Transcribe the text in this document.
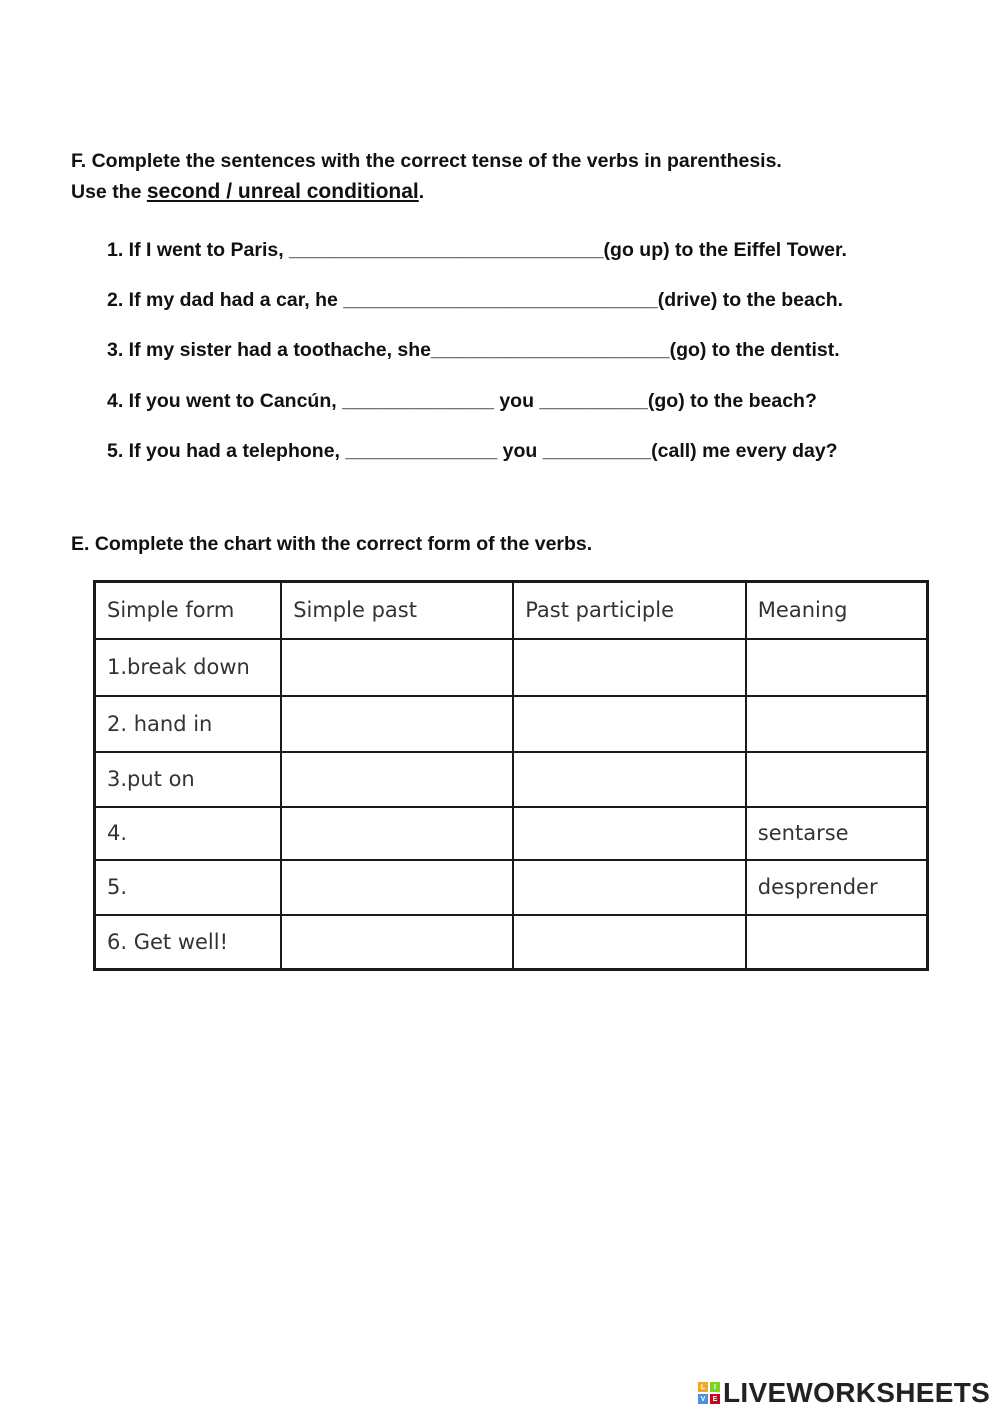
F. Complete the sentences with the correct tense of the verbs in parenthesis.
Use the second / unreal conditional.
1. If I went to Paris, _____________________________(go up) to the Eiffel Tower.
2. If my dad had a car, he _____________________________(drive) to the beach.
3. If my sister had a toothache, she______________________(go) to the dentist.
4. If you went to Cancún, ______________ you __________(go) to the beach?
5. If you had a telephone, ______________ you __________(call) me every day?
E. Complete the chart with the correct form of the verbs.
Simple form	Simple past	Past participle	Meaning
1.break down			
2. hand in			
3.put on			
4.			sentarse
5.			desprender
6. Get well!			
L	I
V	E LIVEWORKSHEETS
